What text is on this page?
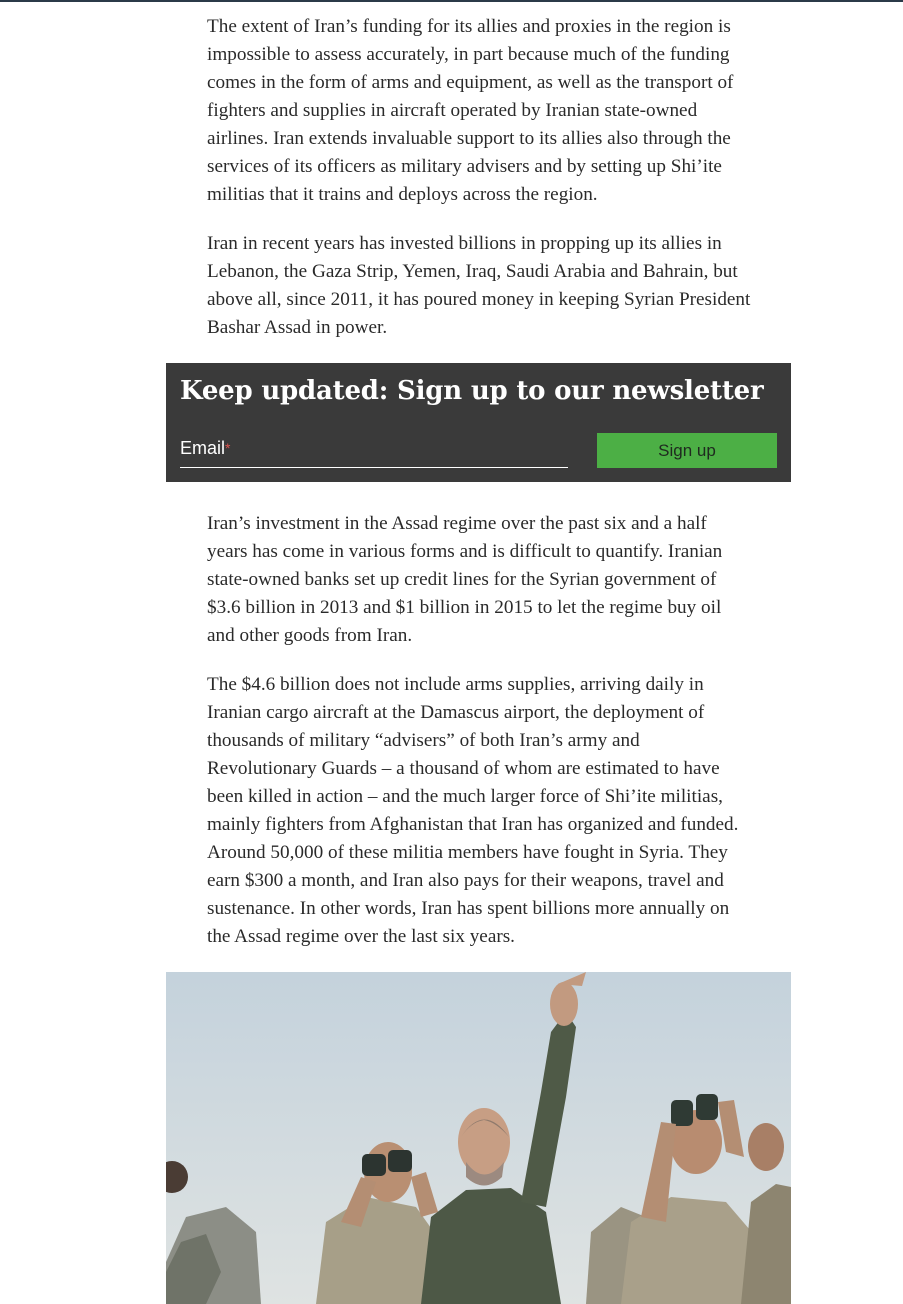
The extent of Iran’s funding for its allies and proxies in the region is impossible to assess accurately, in part because much of the funding comes in the form of arms and equipment, as well as the transport of fighters and supplies in aircraft operated by Iranian state-owned airlines. Iran extends invaluable support to its allies also through the services of its officers as military advisers and by setting up Shi’ite militias that it trains and deploys across the region.

Iran in recent years has invested billions in propping up its allies in Lebanon, the Gaza Strip, Yemen, Iraq, Saudi Arabia and Bahrain, but above all, since 2011, it has poured money in keeping Syrian President Bashar Assad in power.

Keep updated: Sign up to our newsletter
Email*	Sign up

Iran’s investment in the Assad regime over the past six and a half years has come in various forms and is difficult to quantify. Iranian state-owned banks set up credit lines for the Syrian government of $3.6 billion in 2013 and $1 billion in 2015 to let the regime buy oil and other goods from Iran.

The $4.6 billion does not include arms supplies, arriving daily in Iranian cargo aircraft at the Damascus airport, the deployment of thousands of military “advisers” of both Iran’s army and Revolutionary Guards – a thousand of whom are estimated to have been killed in action – and the much larger force of Shi’ite militias, mainly fighters from Afghanistan that Iran has organized and funded. Around 50,000 of these militia members have fought in Syria. They earn $300 a month, and Iran also pays for their weapons, travel and sustenance. In other words, Iran has spent billions more annually on the Assad regime over the last six years.
